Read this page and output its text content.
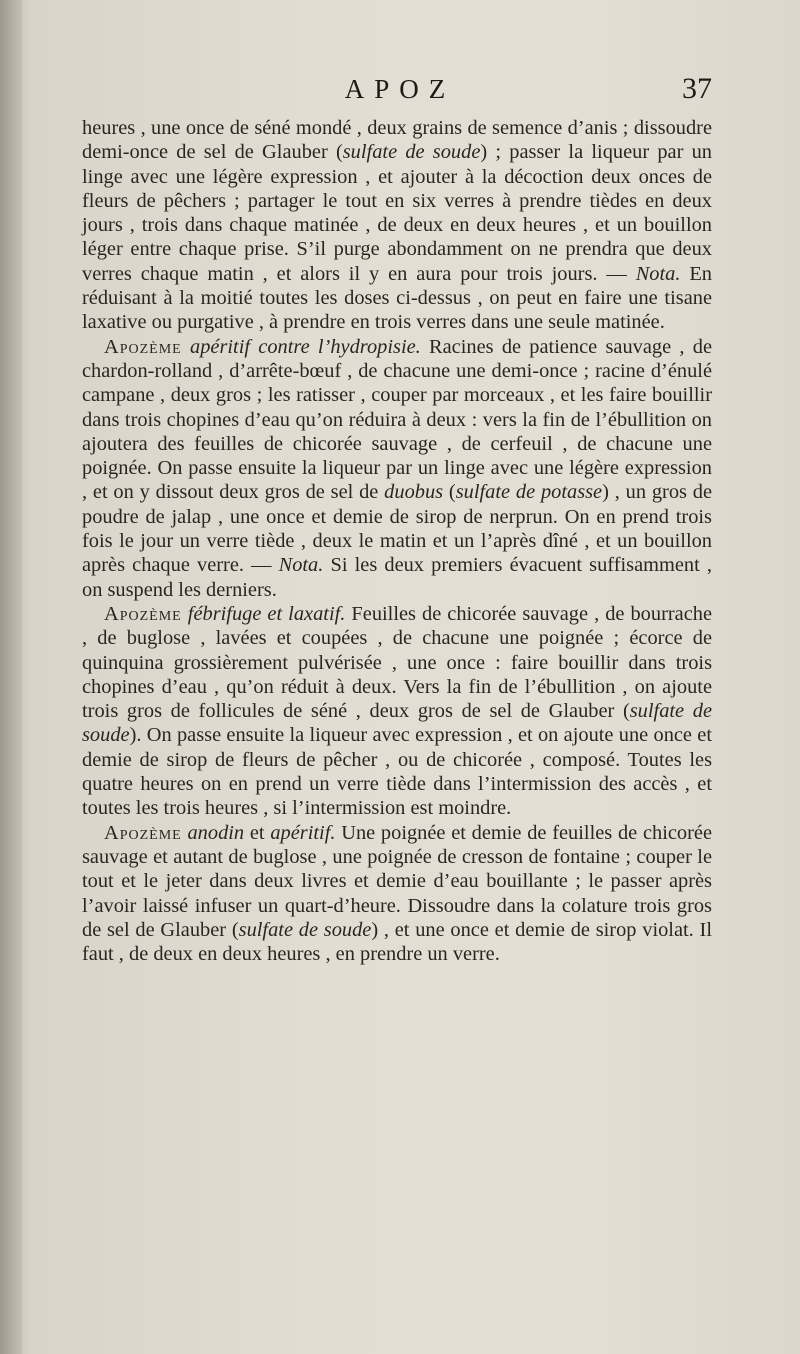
APOZ	37

heures , une once de séné mondé , deux grains de semence d’anis ; dissoudre demi-once de sel de Glauber (sulfate de soude) ; passer la liqueur par un linge avec une légère expression , et ajouter à la décoction deux onces de fleurs de pêchers ; partager le tout en six verres à prendre tièdes en deux jours , trois dans chaque matinée , de deux en deux heures , et un bouillon léger entre chaque prise. S’il purge abondamment on ne prendra que deux verres chaque matin , et alors il y en aura pour trois jours. — Nota. En réduisant à la moitié toutes les doses ci-dessus , on peut en faire une tisane laxative ou purgative , à prendre en trois verres dans une seule matinée.

Apozème apéritif contre l’hydropisie. Racines de patience sauvage , de chardon-rolland , d’arrête-bœuf , de chacune une demi-once ; racine d’énulé campane , deux gros ; les ratisser , couper par morceaux , et les faire bouillir dans trois chopines d’eau qu’on réduira à deux : vers la fin de l’ébullition on ajoutera des feuilles de chicorée sauvage , de cerfeuil , de chacune une poignée. On passe ensuite la liqueur par un linge avec une légère expression , et on y dissout deux gros de sel de duobus (sulfate de potasse) , un gros de poudre de jalap , une once et demie de sirop de nerprun. On en prend trois fois le jour un verre tiède , deux le matin et un l’après dîné , et un bouillon après chaque verre. — Nota. Si les deux premiers évacuent suffisamment , on suspend les derniers.

Apozème fébrifuge et laxatif. Feuilles de chicorée sauvage , de bourrache , de buglose , lavées et coupées , de chacune une poignée ; écorce de quinquina grossièrement pulvérisée , une once : faire bouillir dans trois chopines d’eau , qu’on réduit à deux. Vers la fin de l’ébullition , on ajoute trois gros de follicules de séné , deux gros de sel de Glauber (sulfate de soude). On passe ensuite la liqueur avec expression , et on ajoute une once et demie de sirop de fleurs de pêcher , ou de chicorée , composé. Toutes les quatre heures on en prend un verre tiède dans l’intermission des accès , et toutes les trois heures , si l’intermission est moindre.

Apozème anodin et apéritif. Une poignée et demie de feuilles de chicorée sauvage et autant de buglose , une poignée de cresson de fontaine ; couper le tout et le jeter dans deux livres et demie d’eau bouillante ; le passer après l’avoir laissé infuser un quart-d’heure. Dissoudre dans la colature trois gros de sel de Glauber (sulfate de soude) , et une once et demie de sirop violat. Il faut , de deux en deux heures , en prendre un verre.
